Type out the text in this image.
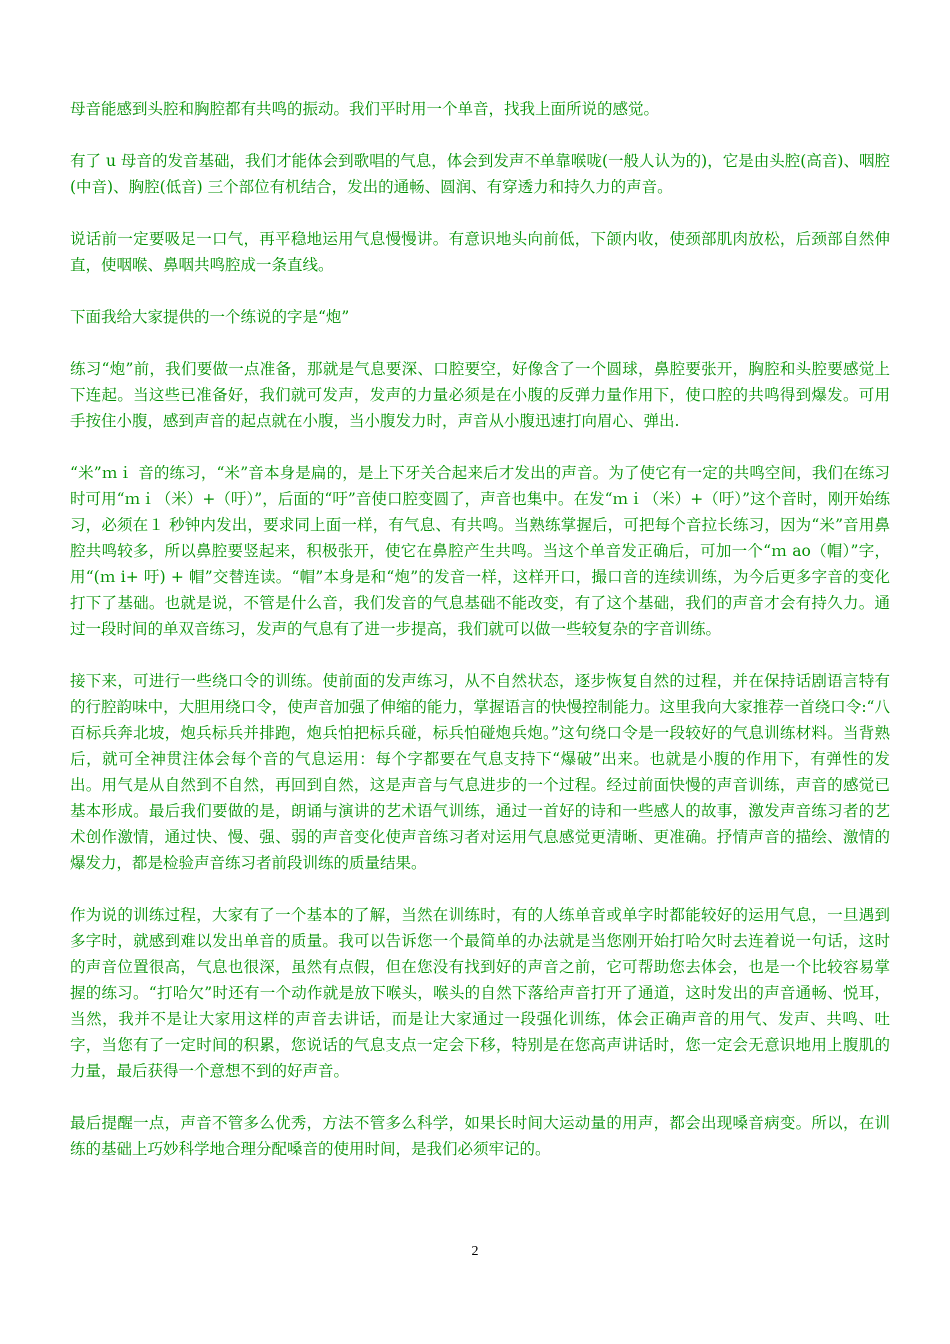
母音能感到头腔和胸腔都有共鸣的振动。我们平时用一个单音，找我上面所说的感觉。

有了 u 母音的发音基础，我们才能体会到歌唱的气息，体会到发声不单靠喉咙(一般人认为的)，它是由头腔(高音)、咽腔(中音)、胸腔(低音) 三个部位有机结合，发出的通畅、圆润、有穿透力和持久力的声音。

说话前一定要吸足一口气，再平稳地运用气息慢慢讲。有意识地头向前低，下颌内收，使颈部肌肉放松，后颈部自然伸直，使咽喉、鼻咽共鸣腔成一条直线。

下面我给大家提供的一个练说的字是“炮”

练习“炮”前，我们要做一点准备，那就是气息要深、口腔要空，好像含了一个圆球，鼻腔要张开，胸腔和头腔要感觉上下连起。当这些已准备好，我们就可发声，发声的力量必须是在小腹的反弹力量作用下，使口腔的共鸣得到爆发。可用手按住小腹，感到声音的起点就在小腹，当小腹发力时，声音从小腹迅速打向眉心、弹出.

“米”ｍｉ 音的练习，“米”音本身是扁的，是上下牙关合起来后才发出的声音。为了使它有一定的共鸣空间，我们在练习时可用“ｍｉ（米）+（吁）”，后面的“吁”音使口腔变圆了，声音也集中。在发“ｍｉ（米）+（吁）”这个音时，刚开始练习，必须在１ 秒钟内发出，要求同上面一样，有气息、有共鸣。当熟练掌握后，可把每个音拉长练习，因为“米”音用鼻腔共鸣较多，所以鼻腔要竖起来，积极张开，使它在鼻腔产生共鸣。当这个单音发正确后，可加一个“ｍ ao（帽）”字，用“(ｍ i+ 吁) + 帽”交替连读。“帽”本身是和“炮”的发音一样，这样开口，撮口音的连续训练，为今后更多字音的变化打下了基础。也就是说，不管是什么音，我们发音的气息基础不能改变，有了这个基础，我们的声音才会有持久力。通过一段时间的单双音练习，发声的气息有了进一步提高，我们就可以做一些较复杂的字音训练。

接下来，可进行一些绕口令的训练。使前面的发声练习，从不自然状态，逐步恢复自然的过程，并在保持话剧语言特有的行腔韵味中，大胆用绕口令，使声音加强了伸缩的能力，掌握语言的快慢控制能力。这里我向大家推荐一首绕口令:“八百标兵奔北坡，炮兵标兵并排跑，炮兵怕把标兵碰，标兵怕碰炮兵炮。”这句绕口令是一段较好的气息训练材料。当背熟后，就可全神贯注体会每个音的气息运用：每个字都要在气息支持下“爆破”出来。也就是小腹的作用下，有弹性的发出。用气是从自然到不自然，再回到自然，这是声音与气息进步的一个过程。经过前面快慢的声音训练，声音的感觉已基本形成。最后我们要做的是，朗诵与演讲的艺术语气训练，通过一首好的诗和一些感人的故事，激发声音练习者的艺术创作激情，通过快、慢、强、弱的声音变化使声音练习者对运用气息感觉更清晰、更准确。抒情声音的描绘、激情的爆发力，都是检验声音练习者前段训练的质量结果。

作为说的训练过程，大家有了一个基本的了解，当然在训练时，有的人练单音或单字时都能较好的运用气息，一旦遇到多字时，就感到难以发出单音的质量。我可以告诉您一个最简单的办法就是当您刚开始打哈欠时去连着说一句话，这时的声音位置很高，气息也很深，虽然有点假，但在您没有找到好的声音之前，它可帮助您去体会，也是一个比较容易掌握的练习。“打哈欠”时还有一个动作就是放下喉头，喉头的自然下落给声音打开了通道，这时发出的声音通畅、悦耳，当然，我并不是让大家用这样的声音去讲话，而是让大家通过一段强化训练，体会正确声音的用气、发声、共鸣、吐字，当您有了一定时间的积累，您说话的气息支点一定会下移，特别是在您高声讲话时，您一定会无意识地用上腹肌的力量，最后获得一个意想不到的好声音。

最后提醒一点，声音不管多么优秀，方法不管多么科学，如果长时间大运动量的用声，都会出现嗓音病变。所以，在训练的基础上巧妙科学地合理分配嗓音的使用时间，是我们必须牢记的。

2
